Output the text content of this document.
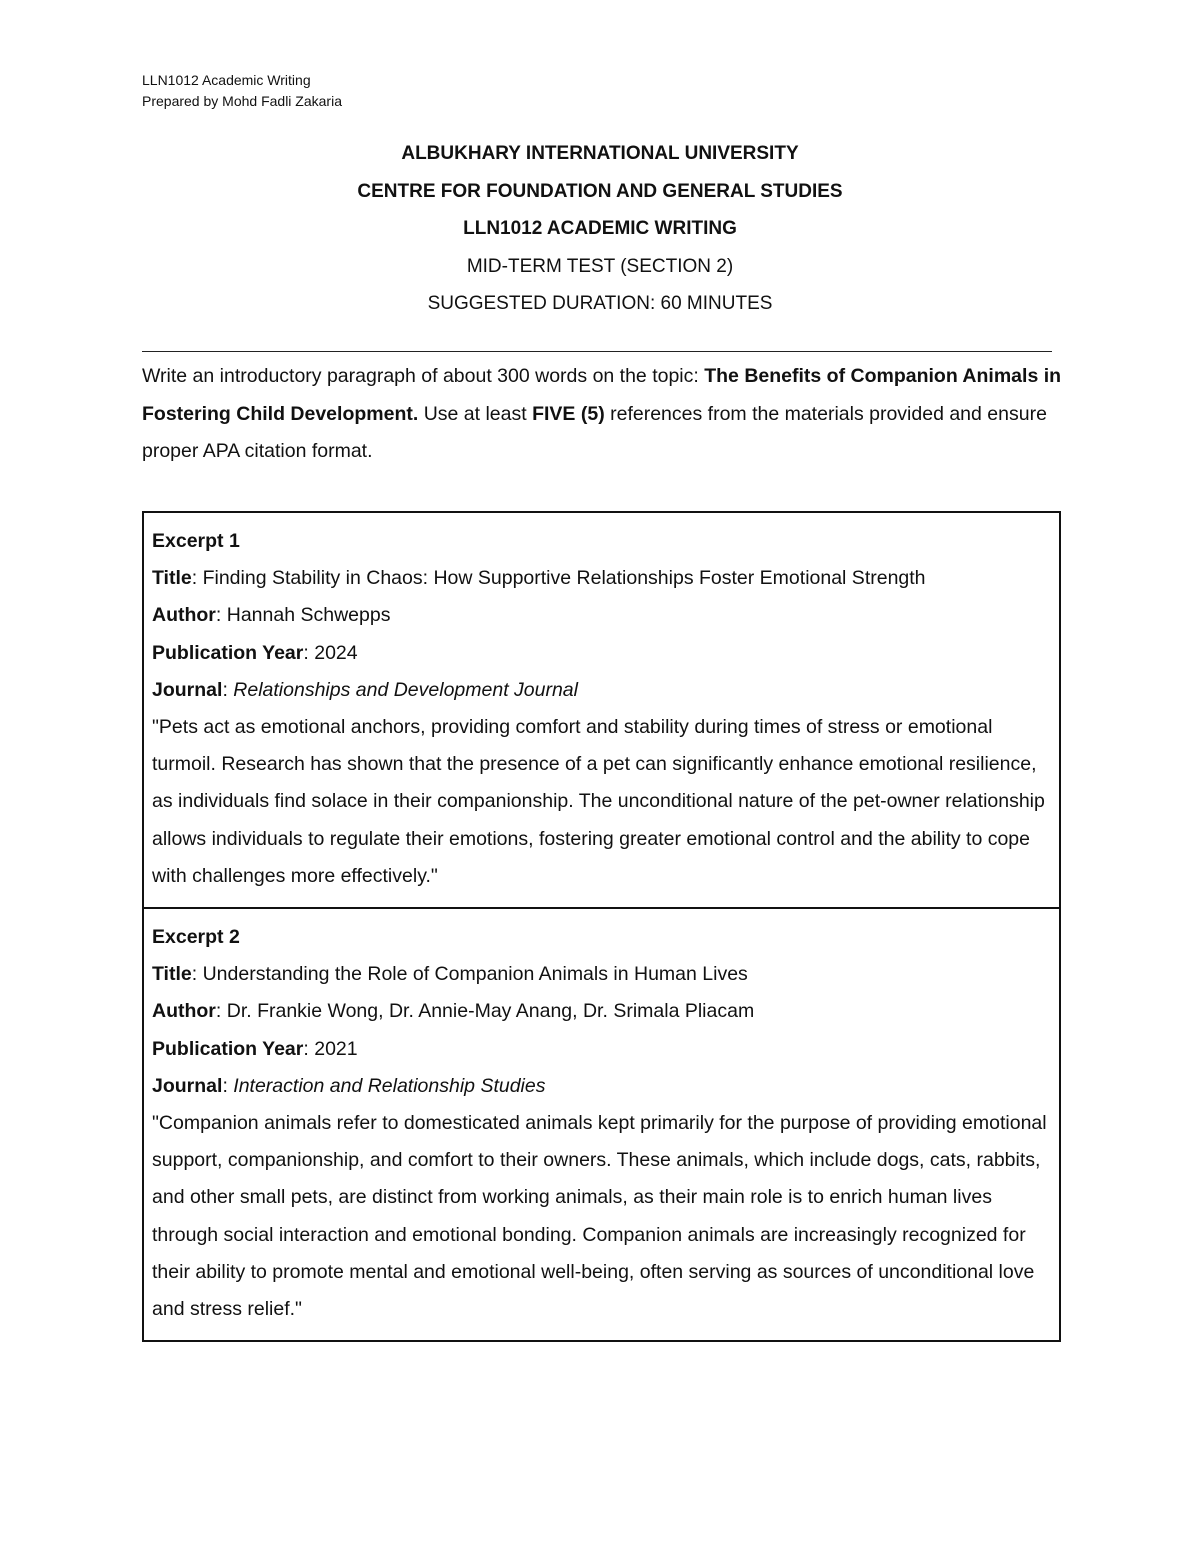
LLN1012 Academic Writing
Prepared by Mohd Fadli Zakaria
ALBUKHARY INTERNATIONAL UNIVERSITY
CENTRE FOR FOUNDATION AND GENERAL STUDIES
LLN1012 ACADEMIC WRITING
MID-TERM TEST (SECTION 2)
SUGGESTED DURATION: 60 MINUTES
Write an introductory paragraph of about 300 words on the topic: The Benefits of Companion Animals in Fostering Child Development. Use at least FIVE (5) references from the materials provided and ensure proper APA citation format.
Excerpt 1
Title: Finding Stability in Chaos: How Supportive Relationships Foster Emotional Strength
Author: Hannah Schwepps
Publication Year: 2024
Journal: Relationships and Development Journal
"Pets act as emotional anchors, providing comfort and stability during times of stress or emotional turmoil. Research has shown that the presence of a pet can significantly enhance emotional resilience, as individuals find solace in their companionship. The unconditional nature of the pet-owner relationship allows individuals to regulate their emotions, fostering greater emotional control and the ability to cope with challenges more effectively."
Excerpt 2
Title: Understanding the Role of Companion Animals in Human Lives
Author: Dr. Frankie Wong, Dr. Annie-May Anang, Dr. Srimala Pliacam
Publication Year: 2021
Journal: Interaction and Relationship Studies
"Companion animals refer to domesticated animals kept primarily for the purpose of providing emotional support, companionship, and comfort to their owners. These animals, which include dogs, cats, rabbits, and other small pets, are distinct from working animals, as their main role is to enrich human lives through social interaction and emotional bonding. Companion animals are increasingly recognized for their ability to promote mental and emotional well-being, often serving as sources of unconditional love and stress relief."
